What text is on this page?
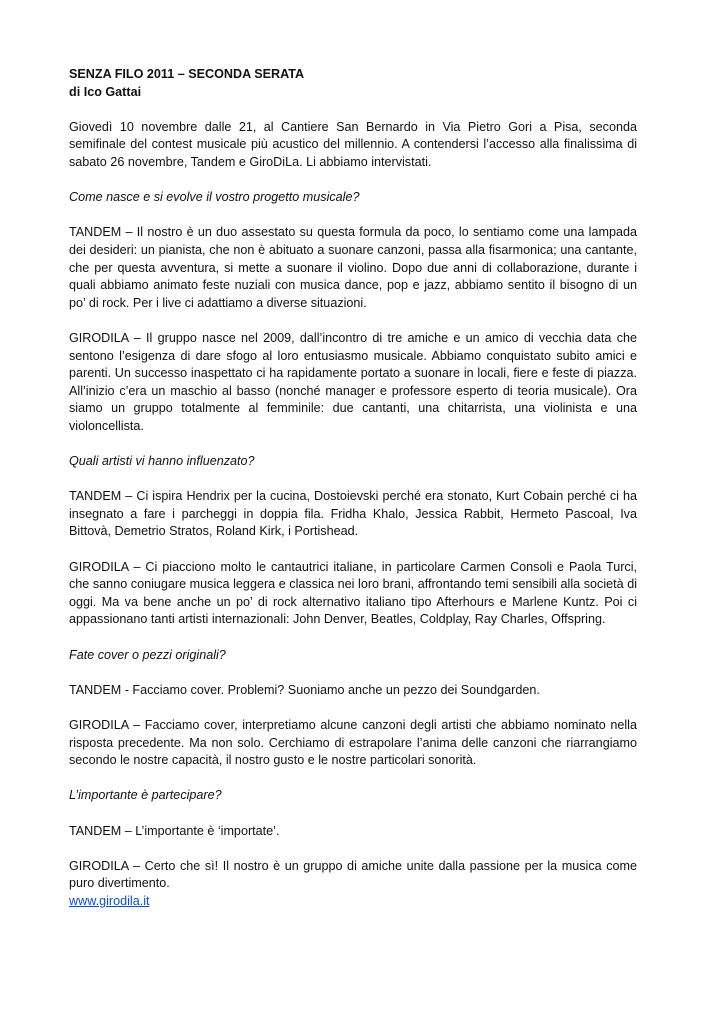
SENZA FILO 2011 – SECONDA SERATA

di Ico Gattai

Giovedì 10 novembre dalle 21, al Cantiere San Bernardo in Via Pietro Gori a Pisa, seconda semifinale del contest musicale più acustico del millennio. A contendersi l’accesso alla finalissima di sabato 26 novembre, Tandem e GiroDiLa. Li abbiamo intervistati.

Come nasce e si evolve il vostro progetto musicale?

TANDEM – Il nostro è un duo assestato su questa formula da poco, lo sentiamo come una lampada dei desideri: un pianista, che non è abituato a suonare canzoni, passa alla fisarmonica; una cantante, che per questa avventura, si mette a suonare il violino. Dopo due anni di collaborazione, durante i quali abbiamo animato feste nuziali con musica dance, pop e jazz, abbiamo sentito il bisogno di un po’ di rock. Per i live ci adattiamo a diverse situazioni.

GIRODILA – Il gruppo nasce nel 2009, dall’incontro di tre amiche e un amico di vecchia data che sentono l’esigenza di dare sfogo al loro entusiasmo musicale. Abbiamo conquistato subito amici e parenti. Un successo inaspettato ci ha rapidamente portato a suonare in locali, fiere e feste di piazza. All’inizio c’era un maschio al basso (nonché manager e professore esperto di teoria musicale). Ora siamo un gruppo totalmente al femminile: due cantanti, una chitarrista, una violinista e una violoncellista.

Quali artisti vi hanno influenzato?

TANDEM – Ci ispira Hendrix per la cucina, Dostoievski perché era stonato, Kurt Cobain perché ci ha insegnato a fare i parcheggi in doppia fila. Fridha Khalo, Jessica Rabbit, Hermeto Pascoal, Iva Bittovà, Demetrio Stratos, Roland Kirk, i Portishead.

GIRODILA – Ci piacciono molto le cantautrici italiane, in particolare Carmen Consoli e Paola Turci, che sanno coniugare musica leggera e classica nei loro brani, affrontando temi sensibili alla società di oggi. Ma va bene anche un po’ di rock alternativo italiano tipo Afterhours e Marlene Kuntz. Poi ci appassionano tanti artisti internazionali: John Denver, Beatles, Coldplay, Ray Charles, Offspring.

Fate cover o pezzi originali?

TANDEM - Facciamo cover. Problemi? Suoniamo anche un pezzo dei Soundgarden.

GIRODILA – Facciamo cover, interpretiamo alcune canzoni degli artisti che abbiamo nominato nella risposta precedente. Ma non solo. Cerchiamo di estrapolare l’anima delle canzoni che riarrangiamo secondo le nostre capacità, il nostro gusto e le nostre particolari sonorità.

L’importante è partecipare?

TANDEM – L’importante è ‘importate’.

GIRODILA – Certo che sì! Il nostro è un gruppo di amiche unite dalla passione per la musica come puro divertimento.

www.girodila.it
